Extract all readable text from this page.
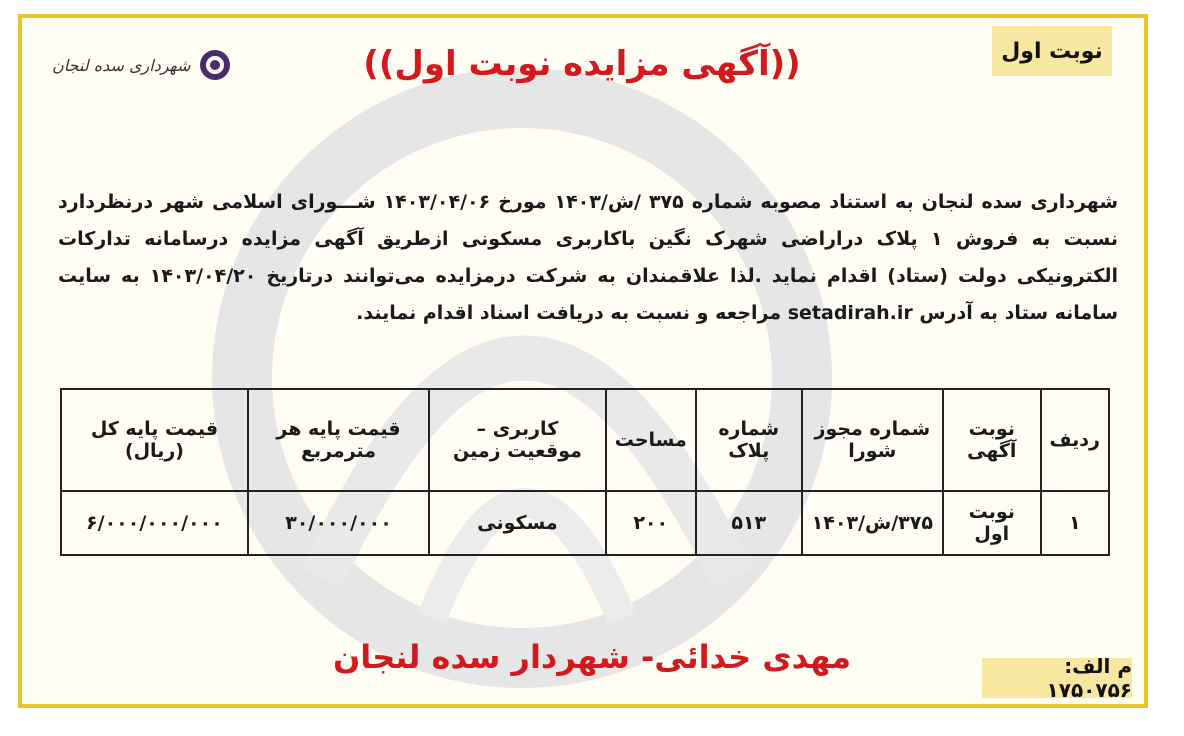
نوبت اول
((آگهی مزایده نوبت اول))
شهرداری سده لنجان
شهرداری سده لنجان به استناد مصوبه شماره ۳۷۵ /ش/۱۴۰۳ مورخ ۱۴۰۳/۰۴/۰۶ شـــورای اسلامی شهر درنظردارد نسبت به فروش ۱ پلاک دراراضی شهرک نگین باکاربری مسکونی ازطریق آگهی مزایده درسامانه تدارکات الکترونیکی دولت (ستاد) اقدام نماید .لذا علاقمندان به شرکت درمزایده می‌توانند درتاریخ ۱۴۰۳/۰۴/۲۰ به سایت سامانه ستاد به آدرس setadirah.ir مراجعه و نسبت به دریافت اسناد اقدام نمایند.
ردیف	نوبت آگهی	شماره مجوز شورا	شماره پلاک	مساحت	کاربری – موقعیت زمین	قیمت پایه هر مترمربع	قیمت پایه کل (ریال)
۱	نوبت اول	۳۷۵/ش/۱۴۰۳	۵۱۳	۲۰۰	مسکونی	۳۰/۰۰۰/۰۰۰	۶/۰۰۰/۰۰۰/۰۰۰
مهدی خدائی- شهردار سده لنجان	م الف: ۱۷۵۰۷۵۶
